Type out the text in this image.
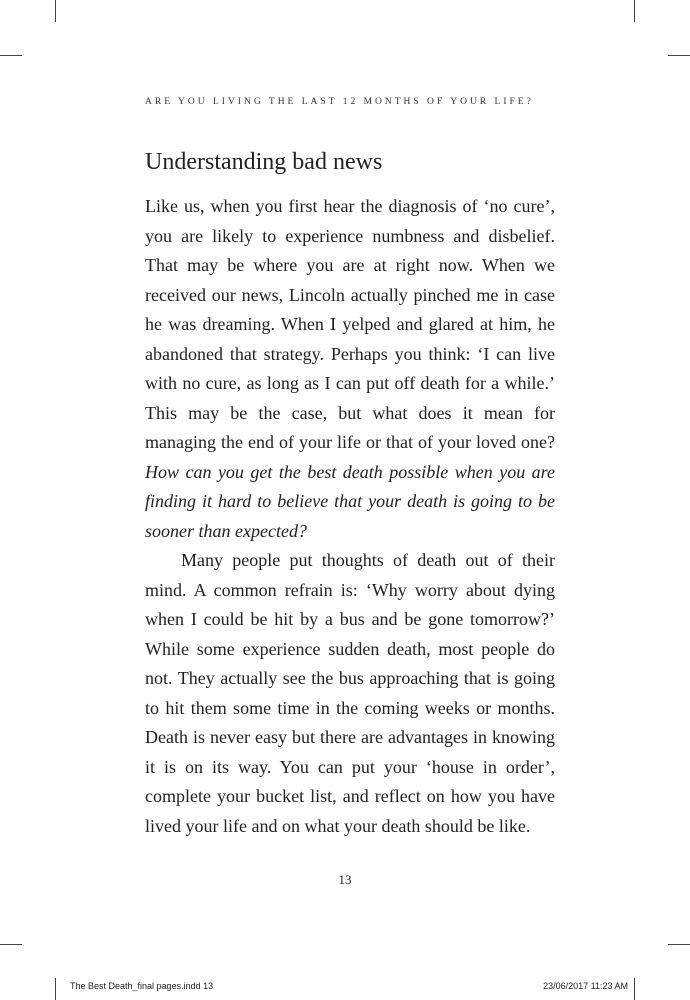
ARE YOU LIVING THE LAST 12 MONTHS OF YOUR LIFE?
Understanding bad news

Like us, when you first hear the diagnosis of ‘no cure’, you are likely to experience numbness and disbelief. That may be where you are at right now. When we received our news, Lincoln actually pinched me in case he was dreaming. When I yelped and glared at him, he abandoned that strategy. Perhaps you think: ‘I can live with no cure, as long as I can put off death for a while.’ This may be the case, but what does it mean for managing the end of your life or that of your loved one? How can you get the best death possible when you are finding it hard to believe that your death is going to be sooner than expected?

Many people put thoughts of death out of their mind. A common refrain is: ‘Why worry about dying when I could be hit by a bus and be gone tomorrow?’ While some experience sudden death, most people do not. They actually see the bus approaching that is going to hit them some time in the coming weeks or months. Death is never easy but there are advantages in knowing it is on its way. You can put your ‘house in order’, complete your bucket list, and reflect on how you have lived your life and on what your death should be like.

13
The Best Death_final pages.indd 13	23/06/2017 11:23 AM
